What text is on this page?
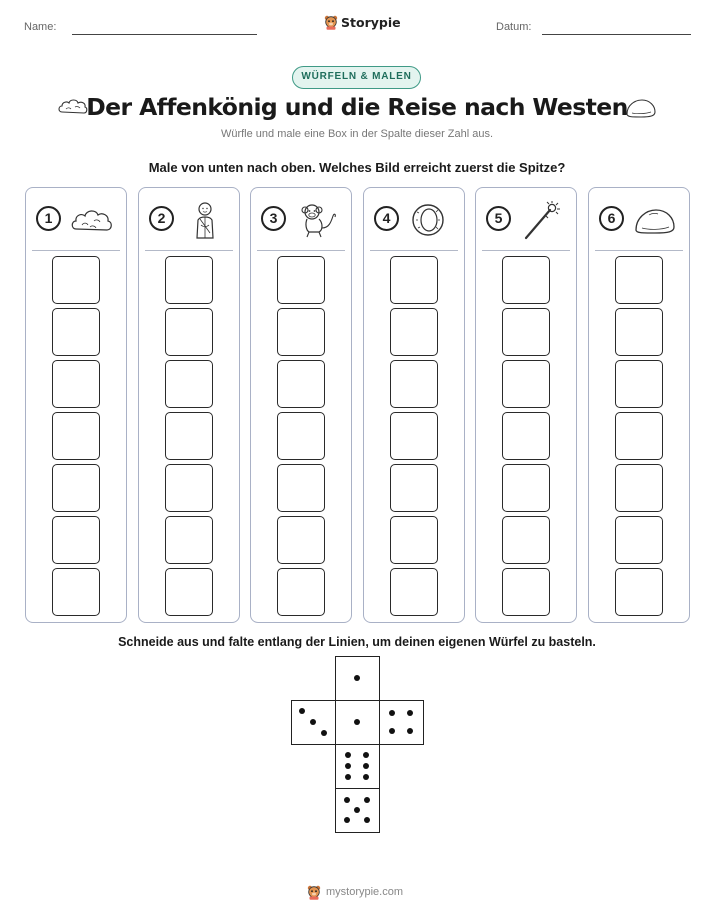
Name:	Storypie	Datum:
WÜRFELN & MALEN
Der Affenkönig und die Reise nach Westen
Würfle und male eine Box in der Spalte dieser Zahl aus.
Male von unten nach oben. Welches Bild erreicht zuerst die Spitze?
1	2	3	4	5	6
Schneide aus und falte entlang der Linien, um deinen eigenen Würfel zu basteln.
mystorypie.com
